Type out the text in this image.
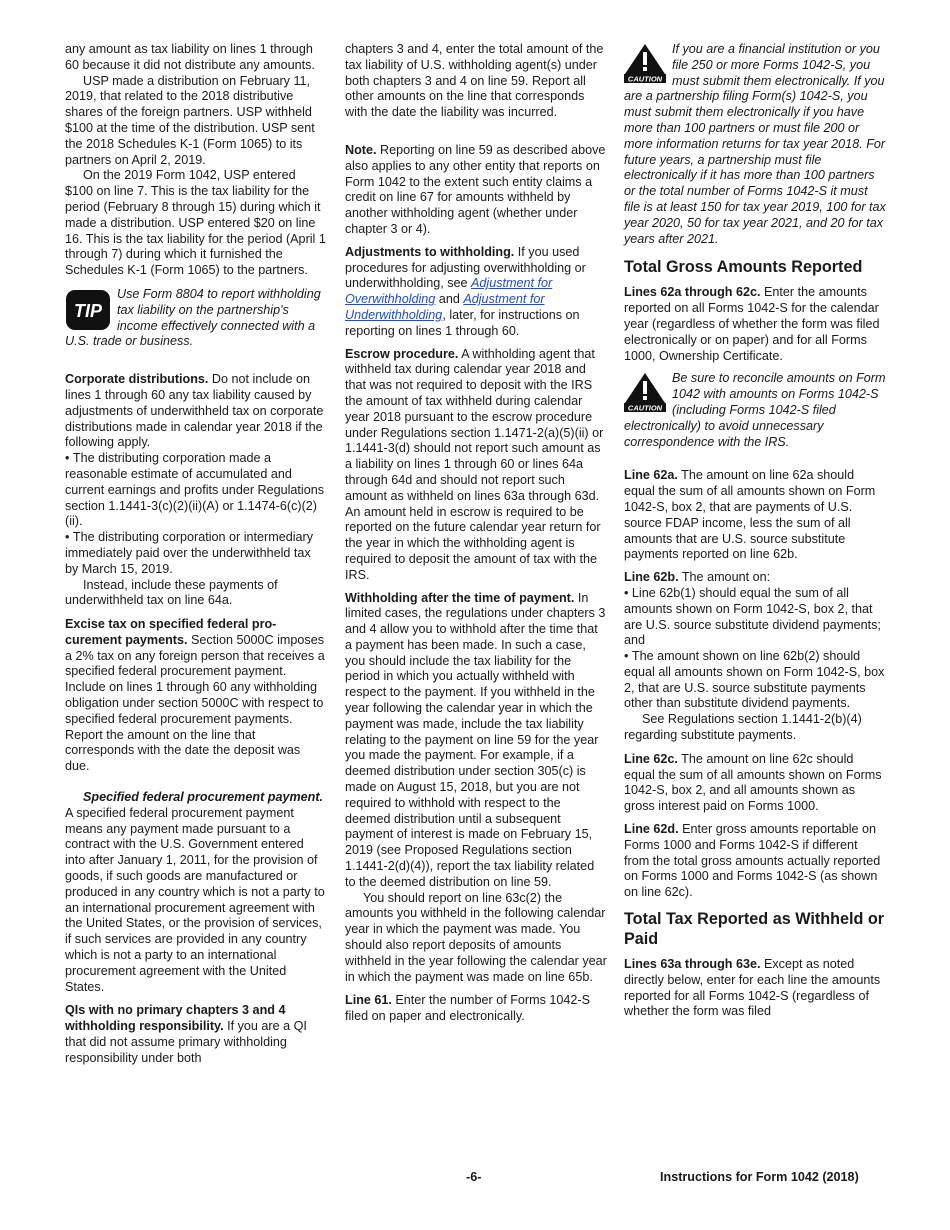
any amount as tax liability on lines 1 through 60 because it did not distribute any amounts.

USP made a distribution on February 11, 2019, that related to the 2018 distributive shares of the foreign partners. USP withheld $100 at the time of the distribution. USP sent the 2018 Schedules K-1 (Form 1065) to its partners on April 2, 2019.

On the 2019 Form 1042, USP entered $100 on line 7. This is the tax liability for the period (February 8 through 15) during which it made a distribution. USP entered $20 on line 16. This is the tax liability for the period (April 1 through 7) during which it furnished the Schedules K-1 (Form 1065) to the partners.

TIP
Use Form 8804 to report withholding tax liability on the partnership's income effectively connected with a U.S. trade or business.

Corporate distributions. Do not include on lines 1 through 60 any tax liability caused by adjustments of underwithheld tax on corporate distributions made in calendar year 2018 if the following apply.

• The distributing corporation made a reasonable estimate of accumulated and current earnings and profits under Regulations section 1.1441-3(c)(2)(ii)(A) or 1.1474-6(c)(2)(ii).

• The distributing corporation or intermediary immediately paid over the underwithheld tax by March 15, 2019.

Instead, include these payments of underwithheld tax on line 64a.

Excise tax on specified federal pro-curement payments. Section 5000C imposes a 2% tax on any foreign person that receives a specified federal procurement payment. Include on lines 1 through 60 any withholding obligation under section 5000C with respect to specified federal procurement payments. Report the amount on the line that corresponds with the date the deposit was due.

Specified federal procurement payment. A specified federal procurement payment means any payment made pursuant to a contract with the U.S. Government entered into after January 1, 2011, for the provision of goods, if such goods are manufactured or produced in any country which is not a party to an international procurement agreement with the United States, or the provision of services, if such services are provided in any country which is not a party to an international procurement agreement with the United States.

QIs with no primary chapters 3 and 4 withholding responsibility. If you are a QI that did not assume primary withholding responsibility under both

chapters 3 and 4, enter the total amount of the tax liability of U.S. withholding agent(s) under both chapters 3 and 4 on line 59. Report all other amounts on the line that corresponds with the date the liability was incurred.

Note. Reporting on line 59 as described above also applies to any other entity that reports on Form 1042 to the extent such entity claims a credit on line 67 for amounts withheld by another withholding agent (whether under chapter 3 or 4).

Adjustments to withholding. If you used procedures for adjusting overwithholding or underwithholding, see Adjustment for Overwithholding and Adjustment for Underwithholding, later, for instructions on reporting on lines 1 through 60.

Escrow procedure. A withholding agent that withheld tax during calendar year 2018 and that was not required to deposit with the IRS the amount of tax withheld during calendar year 2018 pursuant to the escrow procedure under Regulations section 1.1471-2(a)(5)(ii) or 1.1441-3(d) should not report such amount as a liability on lines 1 through 60 or lines 64a through 64d and should not report such amount as withheld on lines 63a through 63d. An amount held in escrow is required to be reported on the future calendar year return for the year in which the withholding agent is required to deposit the amount of tax with the IRS.

Withholding after the time of payment. In limited cases, the regulations under chapters 3 and 4 allow you to withhold after the time that a payment has been made. In such a case, you should include the tax liability for the period in which you actually withheld with respect to the payment. If you withheld in the year following the calendar year in which the payment was made, include the tax liability relating to the payment on line 59 for the year you made the payment. For example, if a deemed distribution under section 305(c) is made on August 15, 2018, but you are not required to withhold with respect to the deemed distribution until a subsequent payment of interest is made on February 15, 2019 (see Proposed Regulations section 1.1441-2(d)(4)), report the tax liability related to the deemed distribution on line 59.

You should report on line 63c(2) the amounts you withheld in the following calendar year in which the payment was made. You should also report deposits of amounts withheld in the year following the calendar year in which the payment was made on line 65b.

Line 61. Enter the number of Forms 1042-S filed on paper and electronically.

CAUTION
If you are a financial institution or you file 250 or more Forms 1042-S, you must submit them electronically. If you are a partnership filing Form(s) 1042-S, you must submit them electronically if you have more than 100 partners or must file 200 or more information returns for tax year 2018. For future years, a partnership must file electronically if it has more than 100 partners or the total number of Forms 1042-S it must file is at least 150 for tax year 2019, 100 for tax year 2020, 50 for tax year 2021, and 20 for tax years after 2021.
Total Gross Amounts Reported

Lines 62a through 62c. Enter the amounts reported on all Forms 1042-S for the calendar year (regardless of whether the form was filed electronically or on paper) and for all Forms 1000, Ownership Certificate.

CAUTION
Be sure to reconcile amounts on Form 1042 with amounts on Forms 1042-S (including Forms 1042-S filed electronically) to avoid unnecessary correspondence with the IRS.

Line 62a. The amount on line 62a should equal the sum of all amounts shown on Form 1042-S, box 2, that are payments of U.S. source FDAP income, less the sum of all amounts that are U.S. source substitute payments reported on line 62b.

Line 62b. The amount on:

• Line 62b(1) should equal the sum of all amounts shown on Form 1042-S, box 2, that are U.S. source substitute dividend payments; and

• The amount shown on line 62b(2) should equal all amounts shown on Form 1042-S, box 2, that are U.S. source substitute payments other than substitute dividend payments.

See Regulations section 1.1441-2(b)(4) regarding substitute payments.

Line 62c. The amount on line 62c should equal the sum of all amounts shown on Forms 1042-S, box 2, and all amounts shown as gross interest paid on Forms 1000.

Line 62d. Enter gross amounts reportable on Forms 1000 and Forms 1042-S if different from the total gross amounts actually reported on Forms 1000 and Forms 1042-S (as shown on line 62c).

Total Tax Reported as Withheld or Paid

Lines 63a through 63e. Except as noted directly below, enter for each line the amounts reported for all Forms 1042-S (regardless of whether the form was filed

-6-	Instructions for Form 1042 (2018)
